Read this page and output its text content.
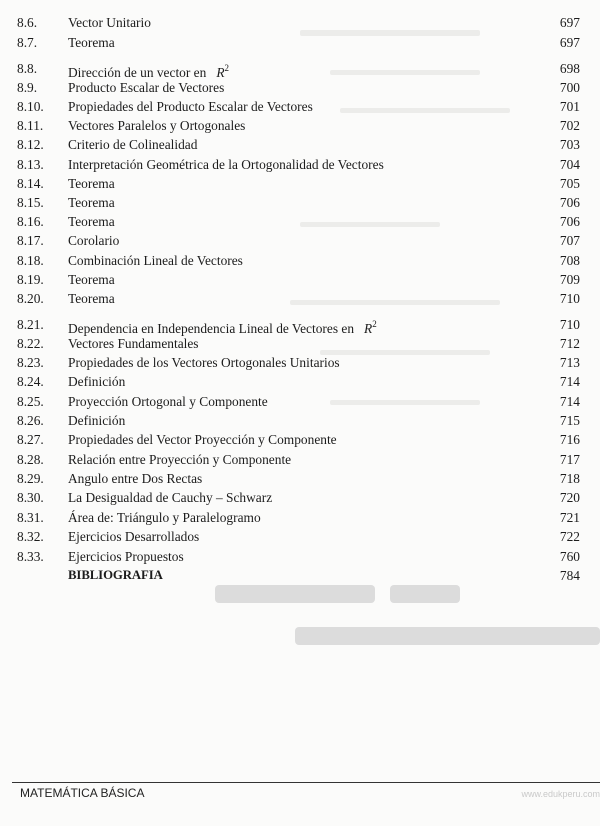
8.6. Vector Unitario	697
8.7. Teorema	697
8.8. Dirección de un vector en $R^2$	698
8.9. Producto Escalar de Vectores	700
8.10. Propiedades del Producto Escalar de Vectores	701
8.11. Vectores Paralelos y Ortogonales	702
8.12. Criterio de Colinealidad	703
8.13. Interpretación Geométrica de la Ortogonalidad de Vectores	704
8.14. Teorema	705
8.15. Teorema	706
8.16. Teorema	706
8.17. Corolario	707
8.18. Combinación Lineal de Vectores	708
8.19. Teorema	709
8.20. Teorema	710
8.21. Dependencia en Independencia Lineal de Vectores en $R^2$	710
8.22. Vectores Fundamentales	712
8.23. Propiedades de los Vectores Ortogonales Unitarios	713
8.24. Definición	714
8.25. Proyección Ortogonal y Componente	714
8.26. Definición	715
8.27. Propiedades del Vector Proyección y Componente	716
8.28. Relación entre Proyección y Componente	717
8.29. Angulo entre Dos Rectas	718
8.30. La Desigualdad de Cauchy – Schwarz	720
8.31. Área de: Triángulo y Paralelogramo	721
8.32. Ejercicios Desarrollados	722
8.33. Ejercicios Propuestos	760
BIBLIOGRAFIA	784
MATEMÁTICA BÁSICA	www.edukperu.com
